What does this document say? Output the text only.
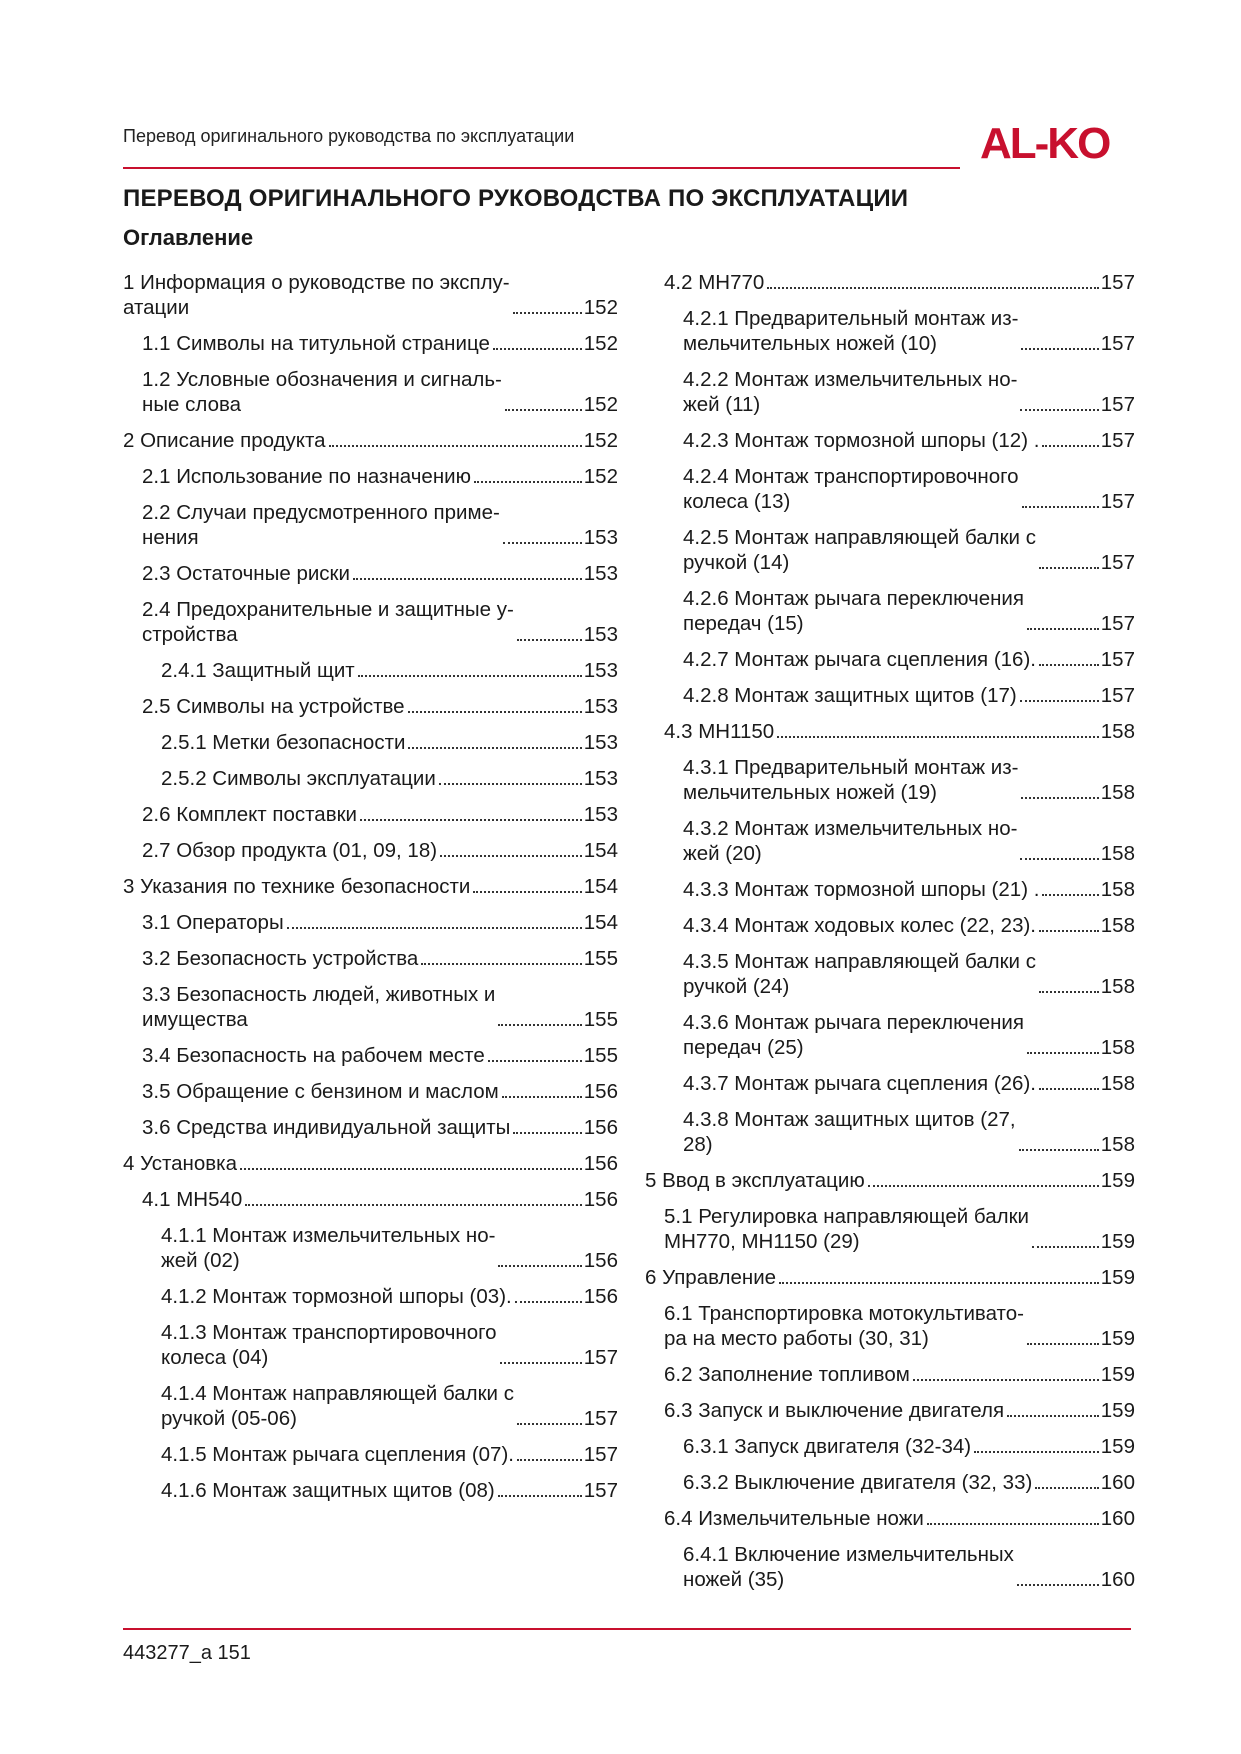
Перевод оригинального руководства по эксплуатации	AL-KO
ПЕРЕВОД ОРИГИНАЛЬНОГО РУКОВОДСТВА ПО ЭКСПЛУАТАЦИИ
Оглавление
1 Информация о руководстве по эксплу-
атации	152
1.1 Символы на титульной странице	152
1.2 Условные обозначения и сигналь-
ные слова	152
2 Описание продукта	152
2.1 Использование по назначению	152
2.2 Случаи предусмотренного приме-
нения	153
2.3 Остаточные риски	153
2.4 Предохранительные и защитные у-
стройства	153
2.4.1 Защитный щит	153
2.5 Символы на устройстве	153
2.5.1 Метки безопасности	153
2.5.2 Символы эксплуатации	153
2.6 Комплект поставки	153
2.7 Обзор продукта (01, 09, 18)	154
3 Указания по технике безопасности	154
3.1 Операторы	154
3.2 Безопасность устройства	155
3.3 Безопасность людей, животных и
имущества	155
3.4 Безопасность на рабочем месте	155
3.5 Обращение с бензином и маслом	156
3.6 Средства индивидуальной защиты	156
4 Установка	156
4.1 MH540	156
4.1.1 Монтаж измельчительных но-
жей (02)	156
4.1.2 Монтаж тормозной шпоры (03).	156
4.1.3 Монтаж транспортировочного
колеса (04)	157
4.1.4 Монтаж направляющей балки с
ручкой (05-06)	157
4.1.5 Монтаж рычага сцепления (07).	157
4.1.6 Монтаж защитных щитов (08)	157
4.2 MH770	157
4.2.1 Предварительный монтаж из-
мельчительных ножей (10)	157
4.2.2 Монтаж измельчительных но-
жей (11)	157
4.2.3 Монтаж тормозной шпоры (12) .	157
4.2.4 Монтаж транспортировочного
колеса (13)	157
4.2.5 Монтаж направляющей балки с
ручкой (14)	157
4.2.6 Монтаж рычага переключения
передач (15)	157
4.2.7 Монтаж рычага сцепления (16).	157
4.2.8 Монтаж защитных щитов (17)	157
4.3 MH1150	158
4.3.1 Предварительный монтаж из-
мельчительных ножей (19)	158
4.3.2 Монтаж измельчительных но-
жей (20)	158
4.3.3 Монтаж тормозной шпоры (21) .	158
4.3.4 Монтаж ходовых колес (22, 23).	158
4.3.5 Монтаж направляющей балки с
ручкой (24)	158
4.3.6 Монтаж рычага переключения
передач (25)	158
4.3.7 Монтаж рычага сцепления (26).	158
4.3.8 Монтаж защитных щитов (27,
28)	158
5 Ввод в эксплуатацию	159
5.1 Регулировка направляющей балки
MH770, MH1150 (29)	159
6 Управление	159
6.1 Транспортировка мотокультивато-
ра на место работы (30, 31)	159
6.2 Заполнение топливом	159
6.3 Запуск и выключение двигателя	159
6.3.1 Запуск двигателя (32-34)	159
6.3.2 Выключение двигателя (32, 33)	160
6.4 Измельчительные ножи	160
6.4.1 Включение измельчительных
ножей (35)	160
443277_a 151
